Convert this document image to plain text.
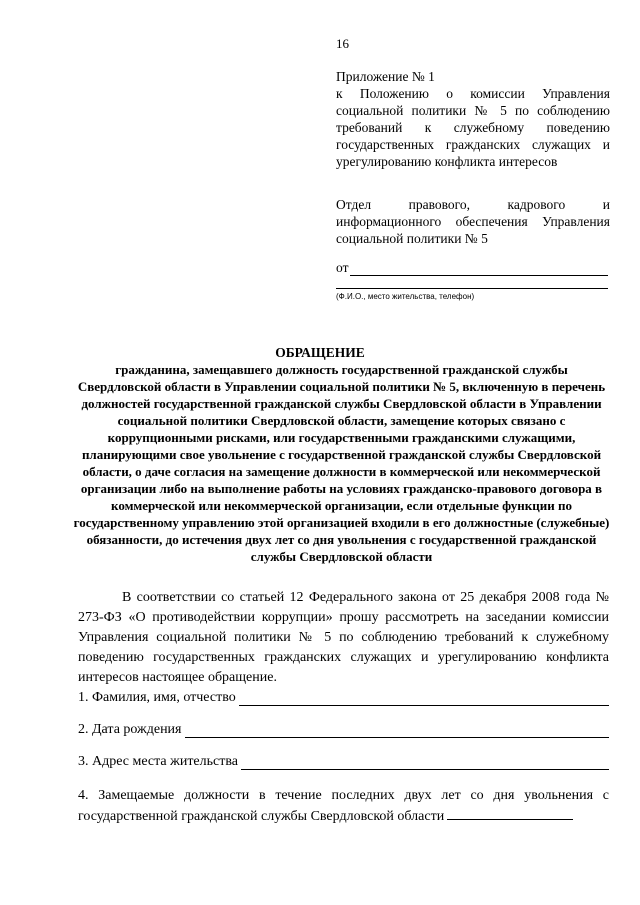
16

Приложение № 1

к Положению о комиссии Управления социальной политики № 5 по соблюдению требований к служебному поведению государственных гражданских служащих и урегулированию конфликта интересов

Отдел правового, кадрового и информационного обеспечения Управления социальной политики № 5
от
(Ф.И.О., место жительства, телефон)
ОБРАЩЕНИЕ
гражданина, замещавшего должность государственной гражданской службы Свердловской области в Управлении социальной политики № 5, включенную в перечень должностей государственной гражданской службы Свердловской области в Управлении социальной политики Свердловской области, замещение которых связано с коррупционными рисками, или государственными гражданскими служащими, планирующими свое увольнение с государственной гражданской службы Свердловской области, о даче согласия на замещение должности в коммерческой или некоммерческой организации либо на выполнение работы на условиях гражданско-правового договора в коммерческой или некоммерческой организации, если отдельные функции по государственному управлению этой организацией входили в его должностные (служебные) обязанности, до истечения двух лет со дня увольнения с государственной гражданской службы Свердловской области
В соответствии со статьей 12 Федерального закона от 25 декабря 2008 года № 273-ФЗ «О противодействии коррупции» прошу рассмотреть на заседании комиссии Управления социальной политики № 5 по соблюдению требований к служебному поведению государственных гражданских служащих и урегулированию конфликта интересов настоящее обращение.
1. Фамилия, имя, отчество
2. Дата рождения
3. Адрес места жительства
4. Замещаемые должности в течение последних двух лет со дня увольнения с государственной гражданской службы Свердловской области
